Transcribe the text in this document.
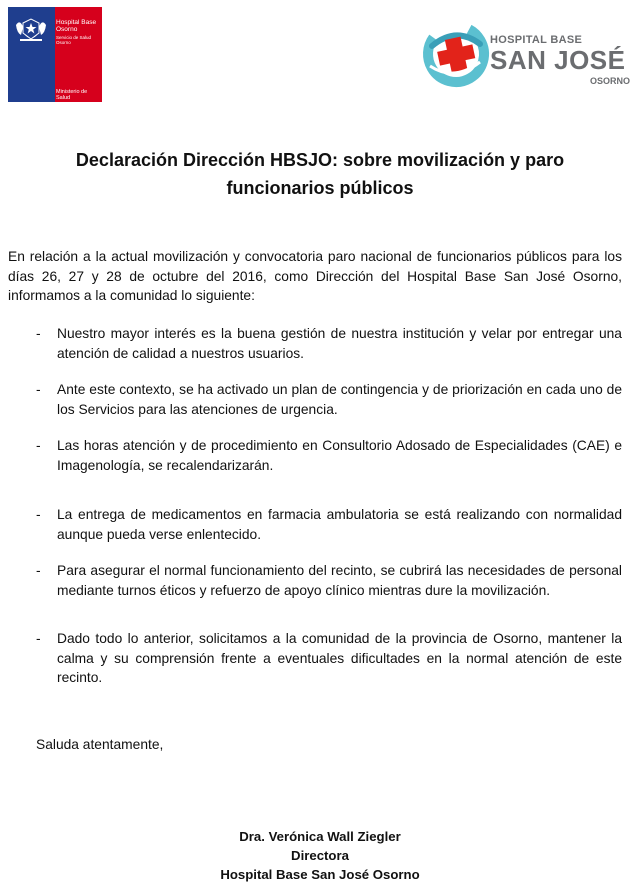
Hospital Base Osorno
Servicio de Salud Osorno
Ministerio de Salud
HOSPITAL BASE
SAN JOSÉ
OSORNO
Declaración Dirección HBSJO: sobre movilización y paro
funcionarios públicos

En relación a la actual movilización y convocatoria paro nacional de funcionarios públicos para los días 26, 27 y 28 de octubre del 2016, como Dirección del Hospital Base San José Osorno, informamos a la comunidad lo siguiente:

- Nuestro mayor interés es la buena gestión de nuestra institución y velar por entregar una atención de calidad a nuestros usuarios.
- Ante este contexto, se ha activado un plan de contingencia y de priorización en cada uno de los Servicios para las atenciones de urgencia.
- Las horas atención y de procedimiento en Consultorio Adosado de Especialidades (CAE) e Imagenología, se recalendarizarán.
- La entrega de medicamentos en farmacia ambulatoria se está realizando con normalidad aunque pueda verse enlentecido.
- Para asegurar el normal funcionamiento del recinto, se cubrirá las necesidades de personal mediante turnos éticos y refuerzo de apoyo clínico mientras dure la movilización.
- Dado todo lo anterior, solicitamos a la comunidad de la provincia de Osorno, mantener la calma y su comprensión frente a eventuales dificultades en la normal atención de este recinto.
Saluda atentamente,
Dra. Verónica Wall Ziegler
Directora
Hospital Base San José Osorno
